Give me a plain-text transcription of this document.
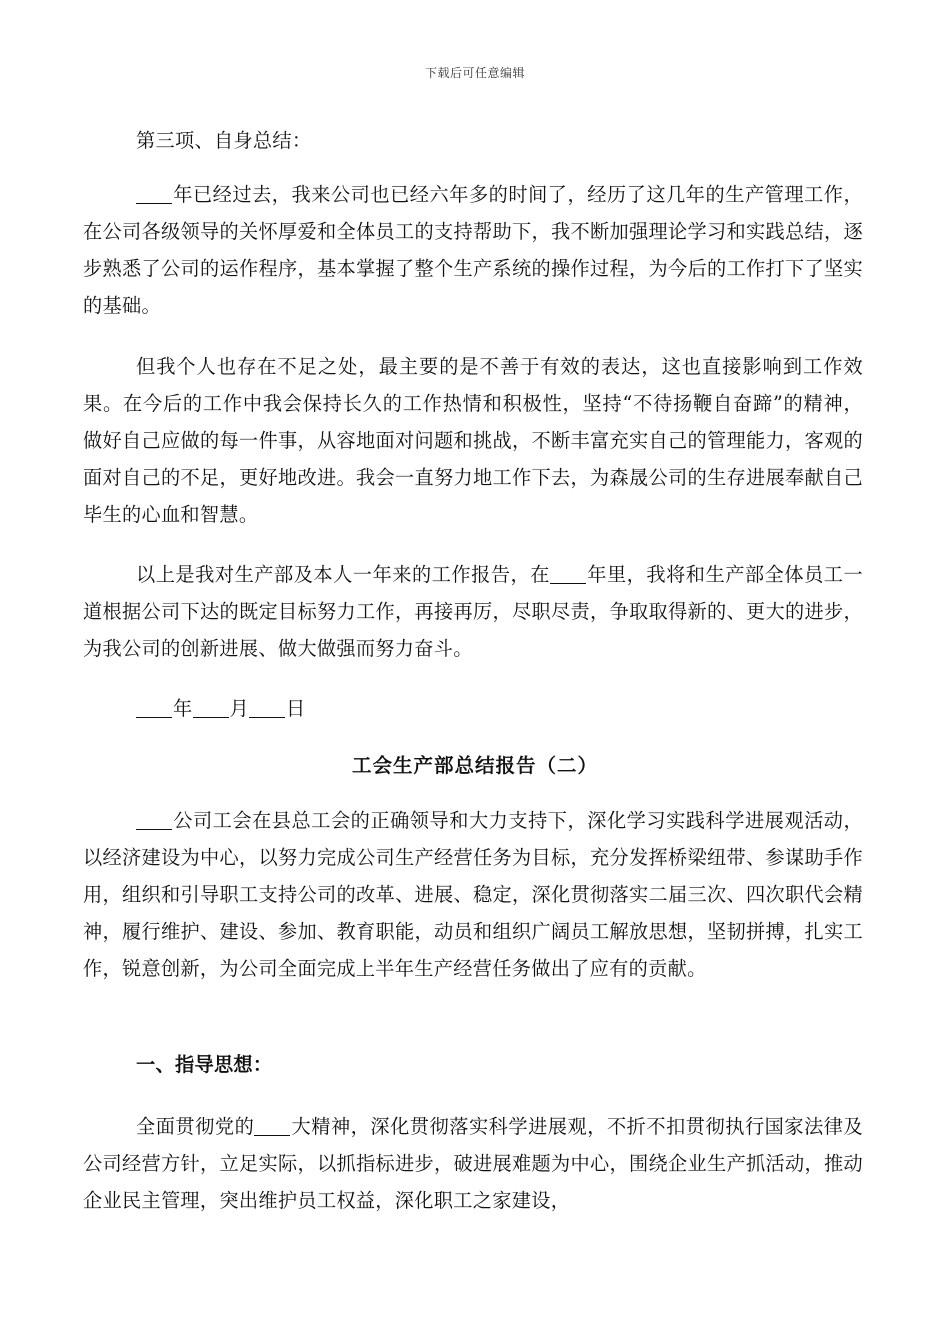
下载后可任意编辑
第三项、自身总结：
年已经过去，我来公司也已经六年多的时间了，经历了这几年的生产管理工作，在公司各级领导的关怀厚爱和全体员工的支持帮助下，我不断加强理论学习和实践总结，逐步熟悉了公司的运作程序，基本掌握了整个生产系统的操作过程，为今后的工作打下了坚实的基础。
但我个人也存在不足之处，最主要的是不善于有效的表达，这也直接影响到工作效果。在今后的工作中我会保持长久的工作热情和积极性，坚持“不待扬鞭自奋蹄”的精神，做好自己应做的每一件事，从容地面对问题和挑战，不断丰富充实自己的管理能力，客观的面对自己的不足，更好地改进。我会一直努力地工作下去，为森晟公司的生存进展奉献自己毕生的心血和智慧。
以上是我对生产部及本人一年来的工作报告，在 年里，我将和生产部全体员工一道根据公司下达的既定目标努力工作，再接再厉，尽职尽责，争取取得新的、更大的进步，为我公司的创新进展、做大做强而努力奋斗。
年 月 日
工会生产部总结报告（二）
公司工会在县总工会的正确领导和大力支持下，深化学习实践科学进展观活动，以经济建设为中心，以努力完成公司生产经营任务为目标，充分发挥桥梁纽带、参谋助手作用，组织和引导职工支持公司的改革、进展、稳定，深化贯彻落实二届三次、四次职代会精神，履行维护、建设、参加、教育职能，动员和组织广阔员工解放思想，坚韧拼搏，扎实工作，锐意创新，为公司全面完成上半年生产经营任务做出了应有的贡献。
一、指导思想：
全面贯彻党的 大精神，深化贯彻落实科学进展观，不折不扣贯彻执行国家法律及公司经营方针，立足实际，以抓指标进步，破进展难题为中心，围绕企业生产抓活动，推动企业民主管理，突出维护员工权益，深化职工之家建设，
